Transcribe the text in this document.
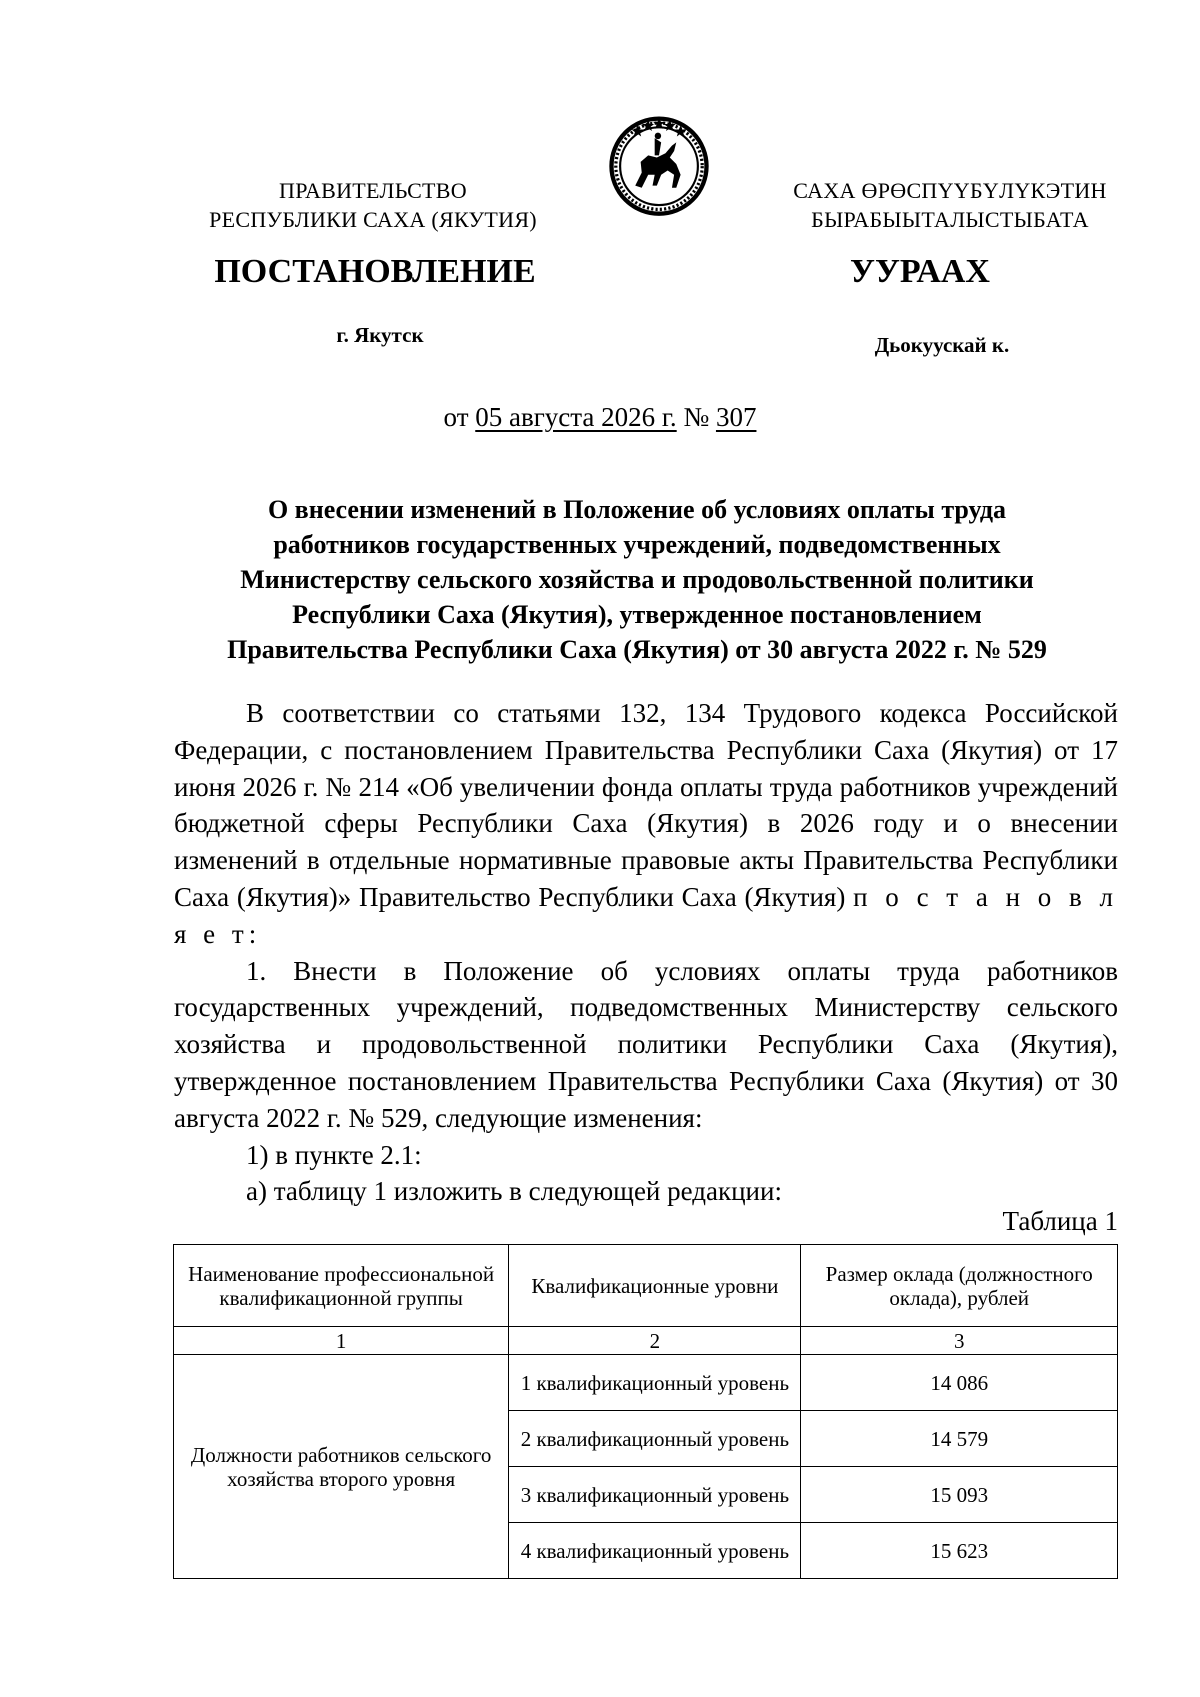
ПРАВИТЕЛЬСТВО
РЕСПУБЛИКИ САХА (ЯКУТИЯ)
САХА ӨРӨСПҮҮБҮЛҮКЭТИН
БЫРАБЫЫТАЛЫСТЫБАТА
ПОСТАНОВЛЕНИЕ	УУРААХ
г. Якутск	Дьокуускай к.
от 05 августа 2026 г. № 307
О внесении изменений в Положение об условиях оплаты труда
работников государственных учреждений, подведомственных
Министерству сельского хозяйства и продовольственной политики
Республики Саха (Якутия), утвержденное постановлением
Правительства Республики Саха (Якутия) от 30 августа 2022 г. № 529

В соответствии со статьями 132, 134 Трудового кодекса Российской Федерации, с постановлением Правительства Республики Саха (Якутия) от 17 июня 2026 г. № 214 «Об увеличении фонда оплаты труда работников учреждений бюджетной сферы Республики Саха (Якутия) в 2026 году и о внесении изменений в отдельные нормативные правовые акты Правительства Республики Саха (Якутия)» Правительство Республики Саха (Якутия) п о с т а н о в л я е т:

1. Внести в Положение об условиях оплаты труда работников государственных учреждений, подведомственных Министерству сельского хозяйства и продовольственной политики Республики Саха (Якутия), утвержденное постановлением Правительства Республики Саха (Якутия) от 30 августа 2022 г. № 529, следующие изменения:

1) в пункте 2.1:

а) таблицу 1 изложить в следующей редакции:

Таблица 1
Наименование профессиональной квалификационной группы	Квалификационные уровни	Размер оклада (должностного оклада), рублей
1	2	3
Должности работников сельского хозяйства второго уровня	1 квалификационный уровень	14 086
	2 квалификационный уровень	14 579
	3 квалификационный уровень	15 093
	4 квалификационный уровень	15 623
